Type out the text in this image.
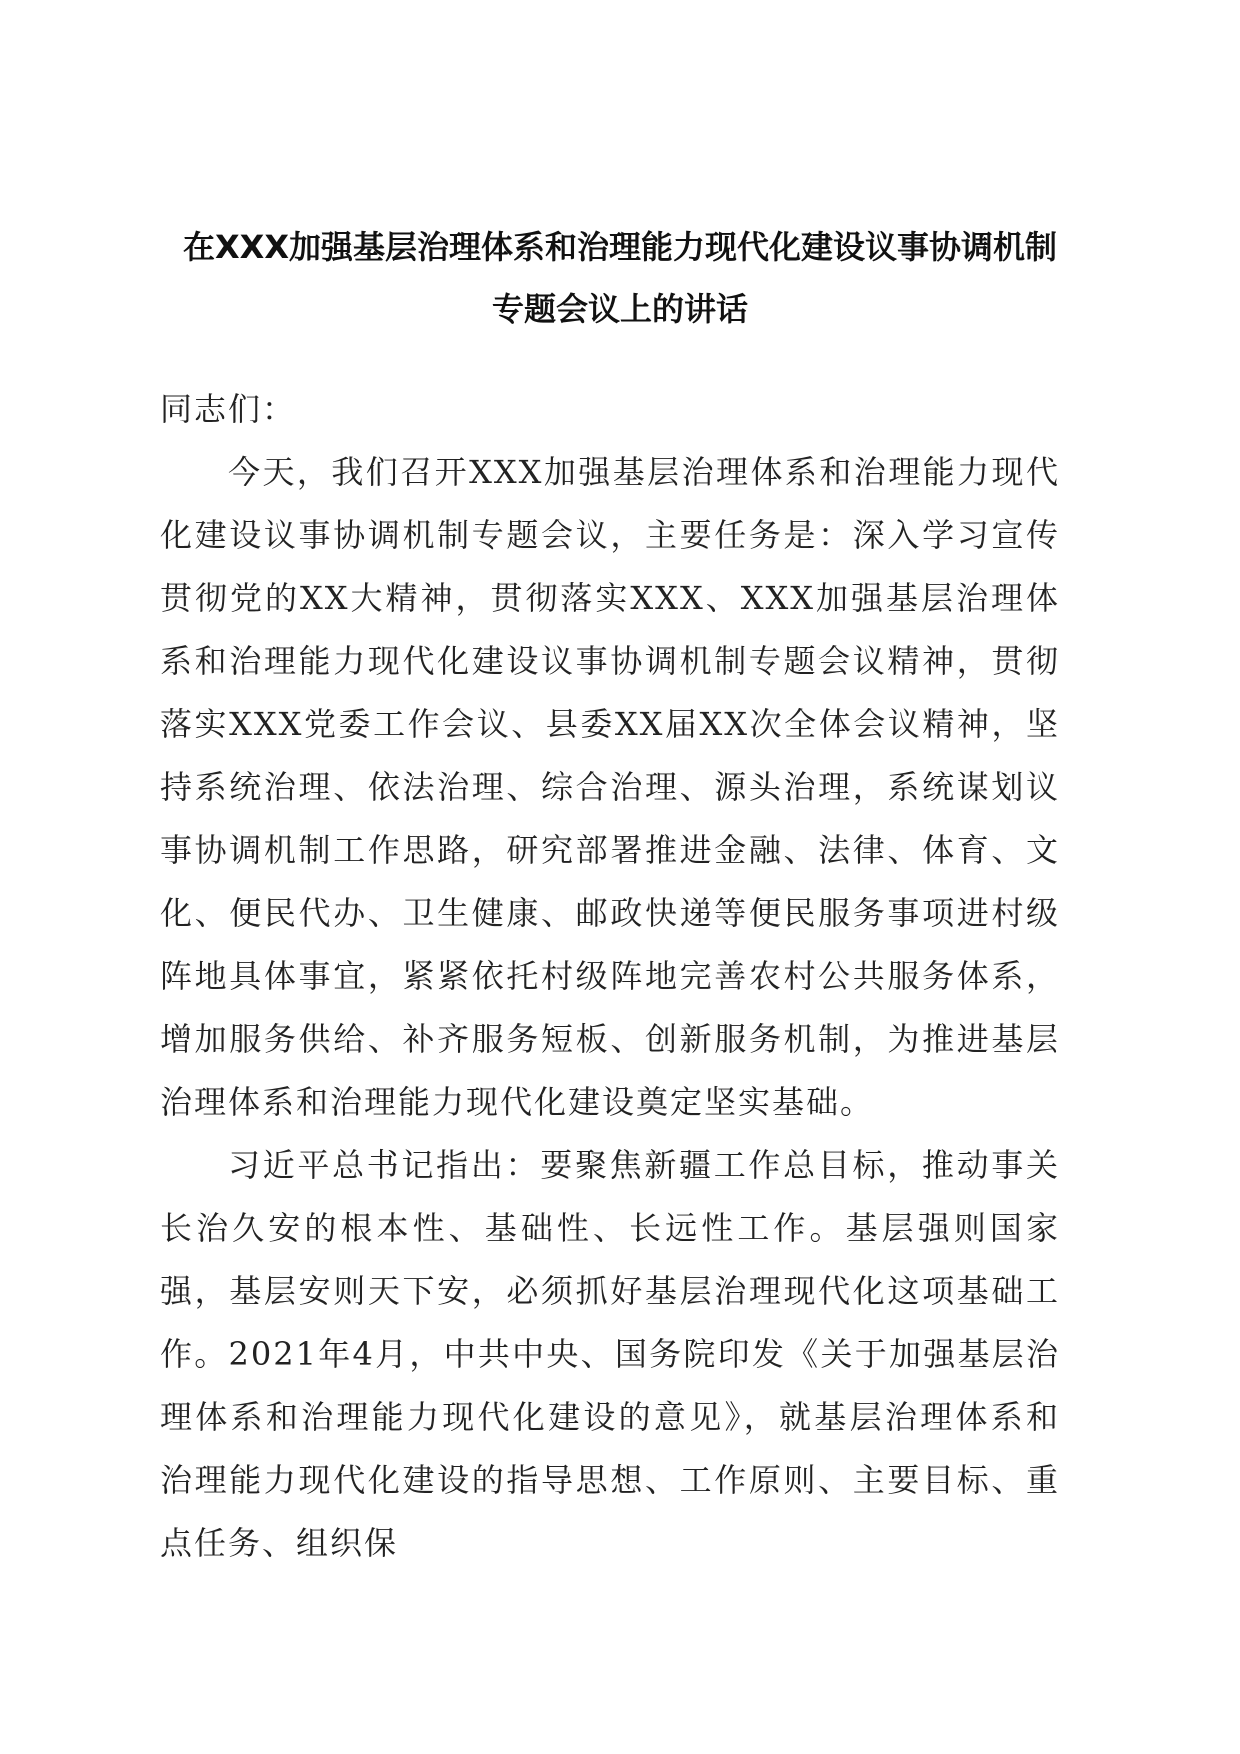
在XXX加强基层治理体系和治理能力现代化建设议事协调机制
专题会议上的讲话

同志们：

今天，我们召开XXX加强基层治理体系和治理能力现代化建设议事协调机制专题会议，主要任务是：深入学习宣传贯彻党的XX大精神，贯彻落实XXX、XXX加强基层治理体系和治理能力现代化建设议事协调机制专题会议精神，贯彻落实XXX党委工作会议、县委XX届XX次全体会议精神，坚持系统治理、依法治理、综合治理、源头治理，系统谋划议事协调机制工作思路，研究部署推进金融、法律、体育、文化、便民代办、卫生健康、邮政快递等便民服务事项进村级阵地具体事宜，紧紧依托村级阵地完善农村公共服务体系，增加服务供给、补齐服务短板、创新服务机制，为推进基层治理体系和治理能力现代化建设奠定坚实基础。

习近平总书记指出：要聚焦新疆工作总目标，推动事关长治久安的根本性、基础性、长远性工作。基层强则国家强，基层安则天下安，必须抓好基层治理现代化这项基础工作。2021年4月，中共中央、国务院印发《关于加强基层治理体系和治理能力现代化建设的意见》，就基层治理体系和治理能力现代化建设的指导思想、工作原则、主要目标、重点任务、组织保
